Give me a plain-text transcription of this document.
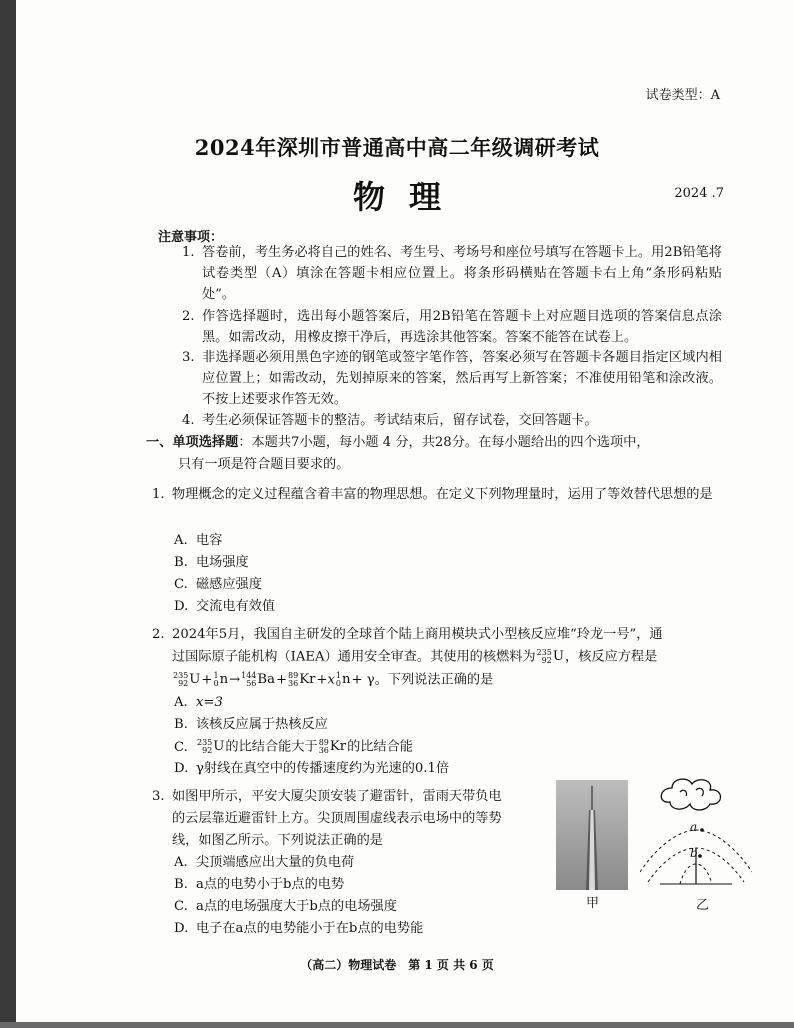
试卷类型：A
2024年深圳市普通高中高二年级调研考试
物理	2024 .7
注意事项：
1. 答卷前，考生务必将自己的姓名、考生号、考场号和座位号填写在答题卡上。用2B铅笔将试卷类型（A）填涂在答题卡相应位置上。将条形码横贴在答题卡右上角“条形码粘贴处”。
2. 作答选择题时，选出每小题答案后，用2B铅笔在答题卡上对应题目选项的答案信息点涂黑。如需改动，用橡皮擦干净后，再选涂其他答案。答案不能答在试卷上。
3. 非选择题必须用黑色字迹的钢笔或签字笔作答，答案必须写在答题卡各题目指定区域内相应位置上；如需改动，先划掉原来的答案，然后再写上新答案；不准使用铅笔和涂改液。不按上述要求作答无效。
4. 考生必须保证答题卡的整洁。考试结束后，留存试卷，交回答题卡。
一、单项选择题：本题共7小题，每小题 4 分，共28分。在每小题给出的四个选项中，
只有一项是符合题目要求的。
1. 物理概念的定义过程蕴含着丰富的物理思想。在定义下列物理量时，运用了等效替代思想的是
A. 电容
B. 电场强度
C. 磁感应强度
D. 交流电有效值
2. 2024年5月，我国自主研发的全球首个陆上商用模块式小型核反应堆“玲龙一号”，通
过国际原子能机构（IAEA）通用安全审查。其使用的核燃料为 235
92 U ，核反应方程是
235
92 U + 1
0 n → 144
56 Ba + 89
36 Kr +x 1
0 n + γ。下列说法正确的是
A. x=3
B. 该核反应属于热核反应
C. 235
92 U 的比结合能大于 89
36 Kr 的比结合能
D. γ射线在真空中的传播速度约为光速的0.1倍
3. 如图甲所示，平安大厦尖顶安装了避雷针，雷雨天带负电
的云层靠近避雷针上方。尖顶周围虚线表示电场中的等势
线，如图乙所示。下列说法正确的是
A. 尖顶端感应出大量的负电荷
B. a点的电势小于b点的电势
C. a点的电场强度大于b点的电场强度
D. 电子在a点的电势能小于在b点的电势能
甲
a
b
乙
（高二）物理试卷　第 1 页 共 6 页
